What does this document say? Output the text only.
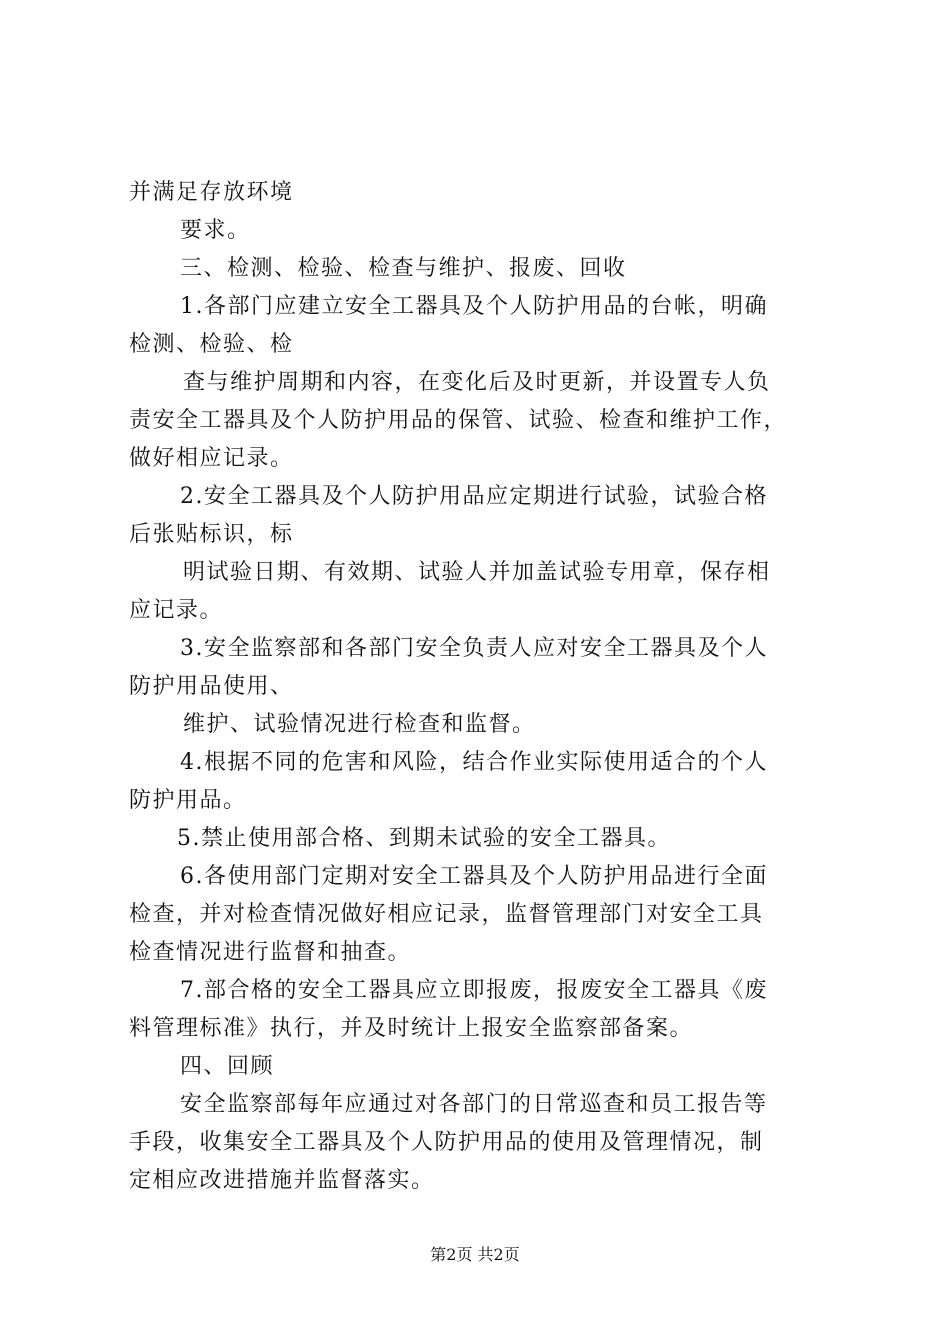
并满足存放环境
要求。
三、检测、检验、检查与维护、报废、回收
1.各部门应建立安全工器具及个人防护用品的台帐，明确
检测、检验、检
查与维护周期和内容，在变化后及时更新，并设置专人负
责安全工器具及个人防护用品的保管、试验、检查和维护工作，
做好相应记录。
2.安全工器具及个人防护用品应定期进行试验，试验合格
后张贴标识，标
明试验日期、有效期、试验人并加盖试验专用章，保存相
应记录。
3.安全监察部和各部门安全负责人应对安全工器具及个人
防护用品使用、
维护、试验情况进行检查和监督。
4.根据不同的危害和风险，结合作业实际使用适合的个人
防护用品。
5.禁止使用部合格、到期未试验的安全工器具。
6.各使用部门定期对安全工器具及个人防护用品进行全面
检查，并对检查情况做好相应记录，监督管理部门对安全工具
检查情况进行监督和抽查。
7.部合格的安全工器具应立即报废，报废安全工器具《废
料管理标准》执行，并及时统计上报安全监察部备案。
四、回顾
安全监察部每年应通过对各部门的日常巡查和员工报告等
手段，收集安全工器具及个人防护用品的使用及管理情况，制
定相应改进措施并监督落实。
第2页 共2页
